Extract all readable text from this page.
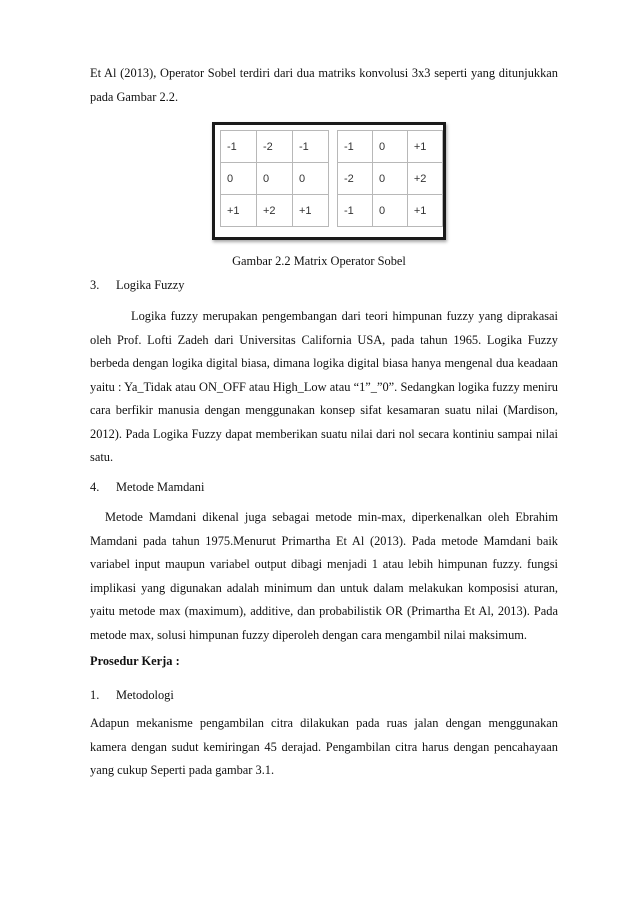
Et Al (2013), Operator Sobel terdiri dari dua matriks konvolusi 3x3 seperti yang ditunjukkan pada Gambar 2.2.

-1	-2	-1
0	0	0
+1	+2	+1
-1	0	+1
-2	0	+2
-1	0	+1

Gambar 2.2 Matrix Operator Sobel

3. Logika Fuzzy

Logika fuzzy merupakan pengembangan dari teori himpunan fuzzy yang diprakasai oleh Prof. Lofti Zadeh dari Universitas California USA, pada tahun 1965. Logika Fuzzy berbeda dengan logika digital biasa, dimana logika digital biasa hanya mengenal dua keadaan yaitu : Ya_Tidak atau ON_OFF atau High_Low atau “1”_”0”. Sedangkan logika fuzzy meniru cara berfikir manusia dengan menggunakan konsep sifat kesamaran suatu nilai (Mardison, 2012). Pada Logika Fuzzy dapat memberikan suatu nilai dari nol secara kontiniu sampai nilai satu.

4. Metode Mamdani

Metode Mamdani dikenal juga sebagai metode min-max, diperkenalkan oleh Ebrahim Mamdani pada tahun 1975.Menurut Primartha Et Al (2013). Pada metode Mamdani baik variabel input maupun variabel output dibagi menjadi 1 atau lebih himpunan fuzzy. fungsi implikasi yang digunakan adalah minimum dan untuk dalam melakukan komposisi aturan, yaitu metode max (maximum), additive, dan probabilistik OR (Primartha Et Al, 2013). Pada metode max, solusi himpunan fuzzy diperoleh dengan cara mengambil nilai maksimum.

Prosedur Kerja :

1. Metodologi

Adapun mekanisme pengambilan citra dilakukan pada ruas jalan dengan menggunakan kamera dengan sudut kemiringan 45 derajad. Pengambilan citra harus dengan pencahayaan yang cukup Seperti pada gambar 3.1.
